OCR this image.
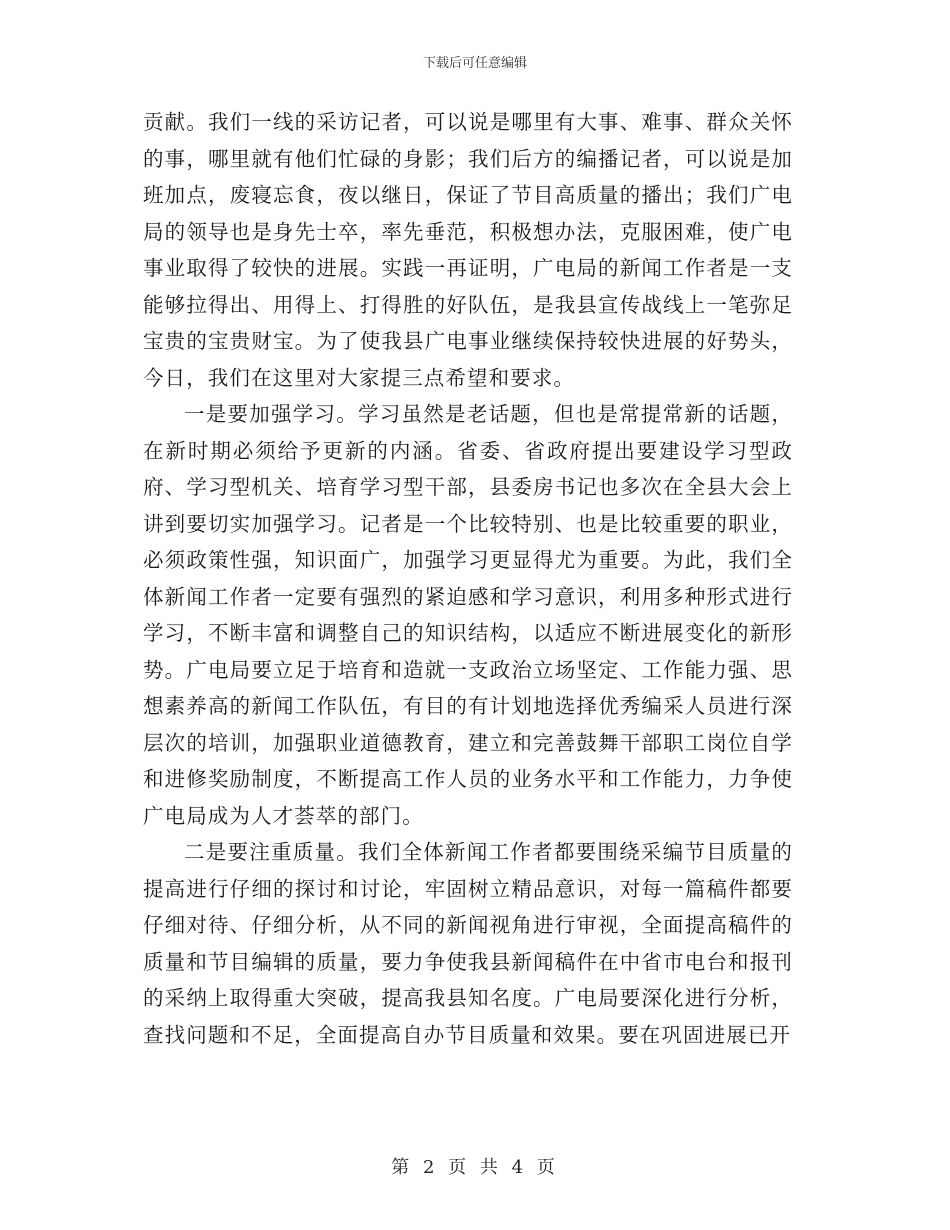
下载后可任意编辑

贡献。我们一线的采访记者，可以说是哪里有大事、难事、群众关怀的事，哪里就有他们忙碌的身影；我们后方的编播记者，可以说是加班加点，废寝忘食，夜以继日，保证了节目高质量的播出；我们广电局的领导也是身先士卒，率先垂范，积极想办法，克服困难，使广电事业取得了较快的进展。实践一再证明，广电局的新闻工作者是一支能够拉得出、用得上、打得胜的好队伍，是我县宣传战线上一笔弥足宝贵的宝贵财宝。为了使我县广电事业继续保持较快进展的好势头，今日，我们在这里对大家提三点希望和要求。

一是要加强学习。学习虽然是老话题，但也是常提常新的话题，在新时期必须给予更新的内涵。省委、省政府提出要建设学习型政府、学习型机关、培育学习型干部，县委房书记也多次在全县大会上讲到要切实加强学习。记者是一个比较特别、也是比较重要的职业，必须政策性强，知识面广，加强学习更显得尤为重要。为此，我们全体新闻工作者一定要有强烈的紧迫感和学习意识，利用多种形式进行学习，不断丰富和调整自己的知识结构，以适应不断进展变化的新形势。广电局要立足于培育和造就一支政治立场坚定、工作能力强、思想素养高的新闻工作队伍，有目的有计划地选择优秀编采人员进行深层次的培训，加强职业道德教育，建立和完善鼓舞干部职工岗位自学和进修奖励制度，不断提高工作人员的业务水平和工作能力，力争使广电局成为人才荟萃的部门。

二是要注重质量。我们全体新闻工作者都要围绕采编节目质量的提高进行仔细的探讨和讨论，牢固树立精品意识，对每一篇稿件都要仔细对待、仔细分析，从不同的新闻视角进行审视，全面提高稿件的质量和节目编辑的质量，要力争使我县新闻稿件在中省市电台和报刊的采纳上取得重大突破，提高我县知名度。广电局要深化进行分析，查找问题和不足，全面提高自办节目质量和效果。要在巩固进展已开

第 2 页 共 4 页
